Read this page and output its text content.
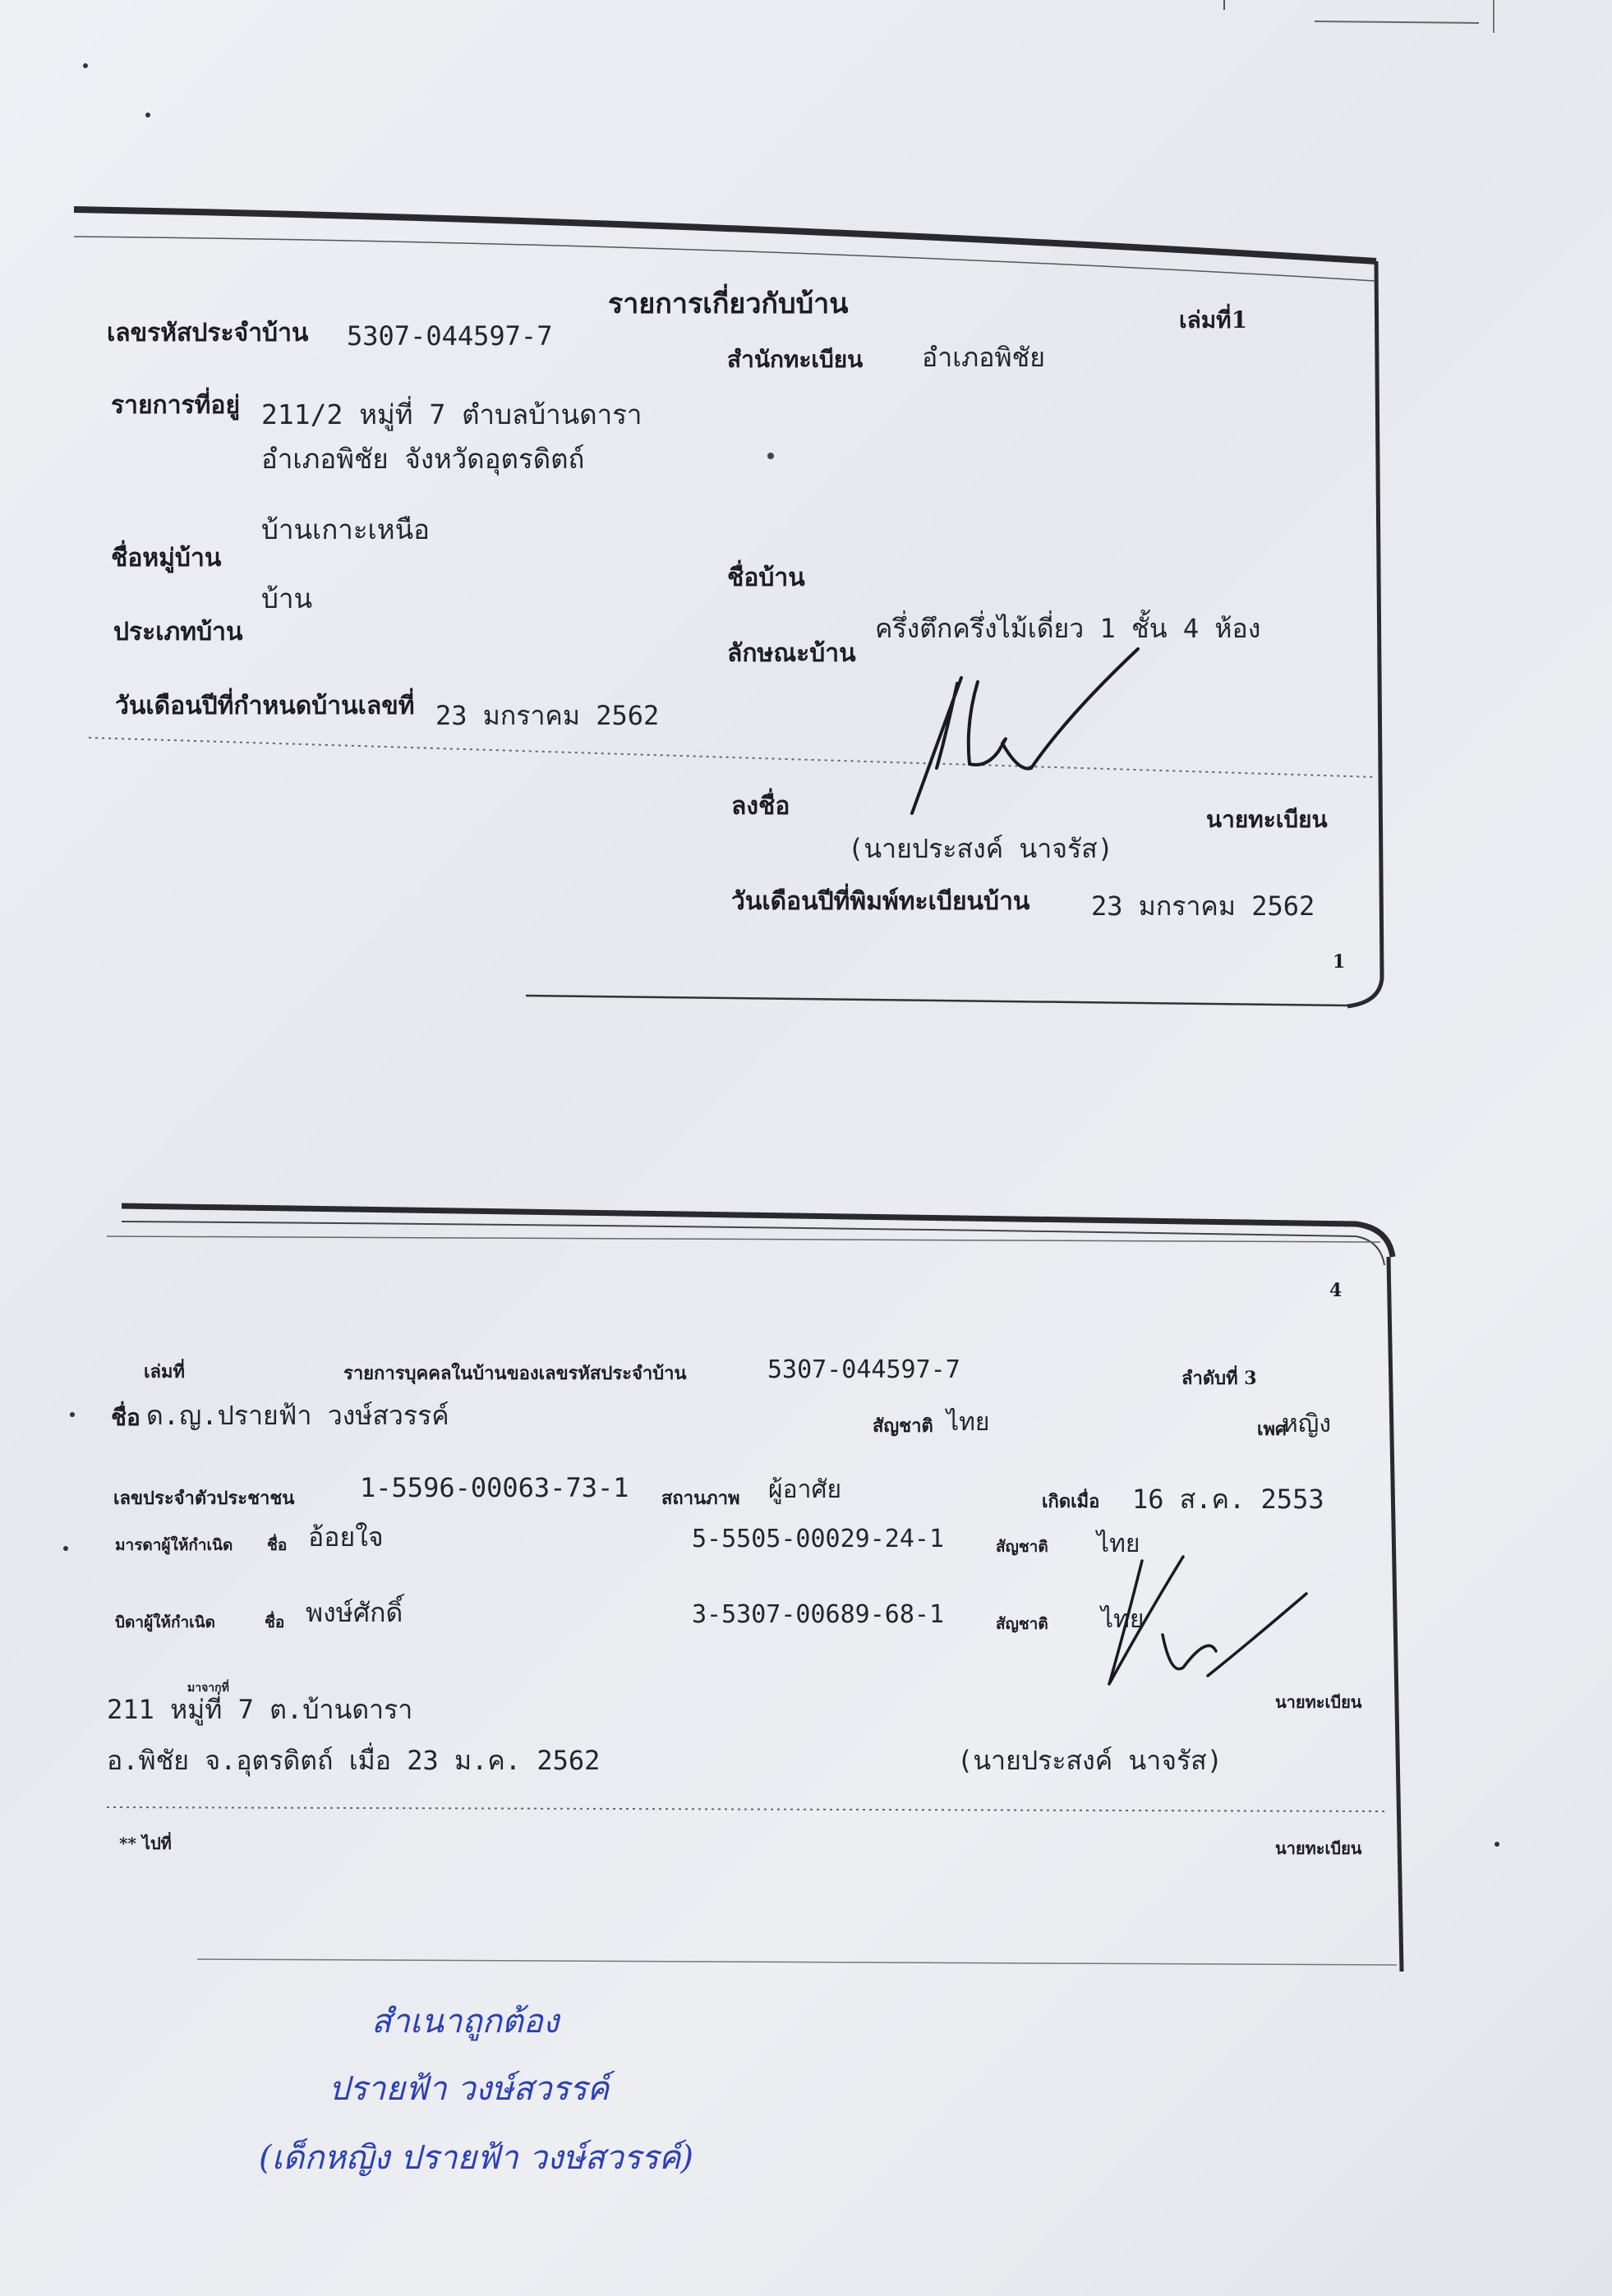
รายการเกี่ยวกับบ้าน	เล่มที่1
เลขรหัสประจำบ้าน 5307-044597-7
สำนักทะเบียน อำเภอพิชัย
รายการที่อยู่ 211/2 หมู่ที่ 7 ตำบลบ้านดารา
อำเภอพิชัย จังหวัดอุตรดิตถ์
บ้านเกาะเหนือ
ชื่อหมู่บ้าน
ชื่อบ้าน
บ้าน
ประเภทบ้าน	ครึ่งตึกครึ่งไม้เดี่ยว 1 ชั้น 4 ห้อง
ลักษณะบ้าน
วันเดือนปีที่กำหนดบ้านเลขที่ 23 มกราคม 2562
ลงชื่อ	นายทะเบียน
(นายประสงค์ นาจรัส)
วันเดือนปีที่พิมพ์ทะเบียนบ้าน 23 มกราคม 2562
1
4
เล่มที่	รายการบุคคลในบ้านของเลขรหัสประจำบ้าน	5307-044597-7	ลำดับที่ 3
ชื่อ ด.ญ.ปรายฟ้า วงษ์สวรรค์	สัญชาติ ไทย	เพศ
หญิง
เลขประจำตัวประชาชน 1-5596-00063-73-1 สถานภาพ ผู้อาศัย	เกิดเมื่อ 16 ส.ค. 2553
มารดาผู้ให้กำเนิด ชื่อ อ้อยใจ	5-5505-00029-24-1	สัญชาติ ไทย
บิดาผู้ให้กำเนิด	ชื่อ พงษ์ศักดิ์	3-5307-00689-68-1	สัญชาติ ไทย
มาจากที่
211 หมู่ที่ 7 ต.บ้านดารา
อ.พิชัย จ.อุตรดิตถ์ เมื่อ 23 ม.ค. 2562
นายทะเบียน
(นายประสงค์ นาจรัส)
** ไปที่	นายทะเบียน
สำเนาถูกต้อง
ปรายฟ้า วงษ์สวรรค์
(เด็กหญิง ปรายฟ้า วงษ์สวรรค์)
